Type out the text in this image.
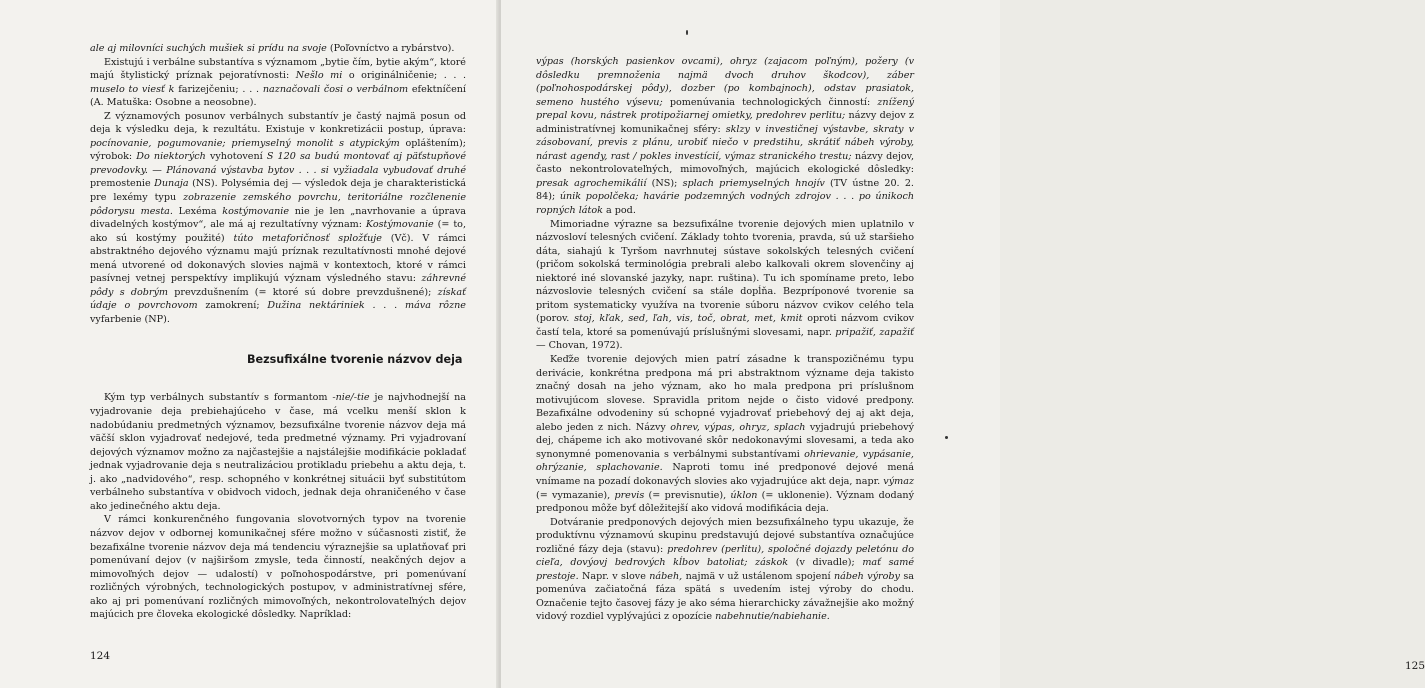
ale aj milovníci suchých mušiek si prídu na svoje (Poľovníctvo a rybárstvo).

Existujú i verbálne substantíva s významom „bytie čím, bytie akým“, ktoré majú štylistický príznak pejoratívnosti: Nešlo mi o originálničenie; . . . muselo to viesť k farizejčeniu; . . . naznačovali čosi o verbálnom efektníčení (A. Matuška: Osobne a neosobne).

Z významových posunov verbálnych substantív je častý najmä posun od deja k výsledku deja, k rezultátu. Existuje v konkretizácii postup, úprava: pocínovanie, pogumovanie; priemyselný monolit s atypickým opláštením); výrobok: Do niektorých vyhotovení S 120 sa budú montovať aj päťstupňové prevodovky. — Plánovaná výstavba bytov . . . si vyžiadala vybudovať druhé premostenie Dunaja (NS). Polysémia dej — výsledok deja je charakteristická pre lexémy typu zobrazenie zemského povrchu, teritoriálne rozčlenenie pôdorysu mesta. Lexéma kostýmovanie nie je len „navrhovanie a úprava divadelných kostýmov“, ale má aj rezultatívny význam: Kostýmovanie (= to, ako sú kostýmy použité) túto metaforičnosť spložťuje (Vč). V rámci abstraktného dejového významu majú príznak rezultatívnosti mnohé dejové mená utvorené od dokonavých slovies najmä v kontextoch, ktoré v rámci pasívnej vetnej perspektívy implikujú význam výsledného stavu: záhrevné pôdy s dobrým prevzdušnením (= ktoré sú dobre prevzdušnené); získať údaje o povrchovom zamokrení; Dužina nektáriniek . . . máva rôzne vyfarbenie (NP).

Bezsufixálne tvorenie názvov deja

Kým typ verbálnych substantív s formantom -nie/-tie je najvhodnejší na vyjadrovanie deja prebiehajúceho v čase, má vcelku menší sklon k nadobúdaniu predmetných významov, bezsufixálne tvorenie názvov deja má väčší sklon vyjadrovať nedejové, teda predmetné významy. Pri vyjadrovaní dejových významov možno za najčastejšie a najstálejšie modifikácie pokladať jednak vyjadrovanie deja s neutralizáciou protikladu priebehu a aktu deja, t. j. ako „nadvidového“, resp. schopného v konkrétnej situácii byť substitútom verbálneho substantíva v obidvoch vidoch, jednak deja ohraničeného v čase ako jedinečného aktu deja.

V rámci konkurenčného fungovania slovotvorných typov na tvorenie názvov dejov v odbornej komunikačnej sfére možno v súčasnosti zistiť, že bezafixálne tvorenie názvov deja má tendenciu výraznejšie sa uplatňovať pri pomenúvaní dejov (v najširšom zmysle, teda činností, neakčných dejov a mimovoľných dejov — udalostí) v poľnohospodárstve, pri pomenúvaní rozličných výrobných, technologických postupov, v administratívnej sfére, ako aj pri pomenúvaní rozličných mimovoľných, nekontrolovateľných dejov majúcich pre človeka ekologické dôsledky. Napríklad:

124
125

výpas (horských pasienkov ovcami), ohryz (zajacom poľným), požery (v dôsledku premnoženia najmä dvoch druhov škodcov), záber (poľnohospodárskej pôdy), dozber (po kombajnoch), odstav prasiatok, semeno hustého výsevu; pomenúvania technologických činností: znížený prepal kovu, nástrek protipožiarnej omietky, predohrev perlitu; názvy dejov z administratívnej komunikačnej sféry: sklzy v investičnej výstavbe, skraty v zásobovaní, previs z plánu, urobiť niečo v predstihu, skrátiť nábeh výroby, nárast agendy, rast / pokles investícií, výmaz stranického trestu; názvy dejov, často nekontrolovateľných, mimovoľných, majúcich ekologické dôsledky: presak agrochemikálií (NS); splach priemyselných hnojív (TV ústne 20. 2. 84); únik popolčeka; havárie podzemných vodných zdrojov . . . po únikoch ropných látok a pod.

Mimoriadne výrazne sa bezsufixálne tvorenie dejových mien uplatnilo v názvosloví telesných cvičení. Základy tohto tvorenia, pravda, sú už staršieho dáta, siahajú k Tyršom navrhnutej sústave sokolských telesných cvičení (pričom sokolská terminológia prebrali alebo kalkovali okrem slovenčiny aj niektoré iné slovanské jazyky, napr. ruština). Tu ich spomíname preto, lebo názvoslovie telesných cvičení sa stále dopĺňa. Bezpríponové tvorenie sa pritom systematicky využíva na tvorenie súboru názvov cvikov celého tela (porov. stoj, kľak, sed, ľah, vis, toč, obrat, met, kmit oproti názvom cvikov častí tela, ktoré sa pomenúvajú príslušnými slovesami, napr. pripažiť, zapažiť — Chovan, 1972).

Keďže tvorenie dejových mien patrí zásadne k transpozičnému typu derivácie, konkrétna predpona má pri abstraktnom význame deja takisto značný dosah na jeho význam, ako ho mala predpona pri príslušnom motivujúcom slovese. Spravidla pritom nejde o čisto vidové predpony. Bezafixálne odvodeniny sú schopné vyjadrovať priebehový dej aj akt deja, alebo jeden z nich. Názvy ohrev, výpas, ohryz, splach vyjadrujú priebehový dej, chápeme ich ako motivované skôr nedokonavými slovesami, a teda ako synonymné pomenovania s verbálnymi substantívami ohrievanie, vypásanie, ohrýzanie, splachovanie. Naproti tomu iné predponové dejové mená vnímame na pozadí dokonavých slovies ako vyjadrujúce akt deja, napr. výmaz (= vymazanie), previs (= previsnutie), úklon (= uklonenie). Význam dodaný predponou môže byť dôležitejší ako vidová modifikácia deja.

Dotváranie predponových dejových mien bezsufixálneho typu ukazuje, že produktívnu významovú skupinu predstavujú dejové substantíva označujúce rozličné fázy deja (stavu): predohrev (perlitu), spoločné dojazdy peletónu do cieľa, dovýovj bedrových kĺbov batoliat; záskok (v divadle); mať samé prestoje. Napr. v slove nábeh, najmä v už ustálenom spojení nábeh výroby sa pomenúva začiatočná fáza spätá s uvedením istej výroby do chodu. Označenie tejto časovej fázy je ako séma hierarchicky závažnejšie ako možný vidový rozdiel vyplývajúci z opozície nabehnutie/nabiehanie.
